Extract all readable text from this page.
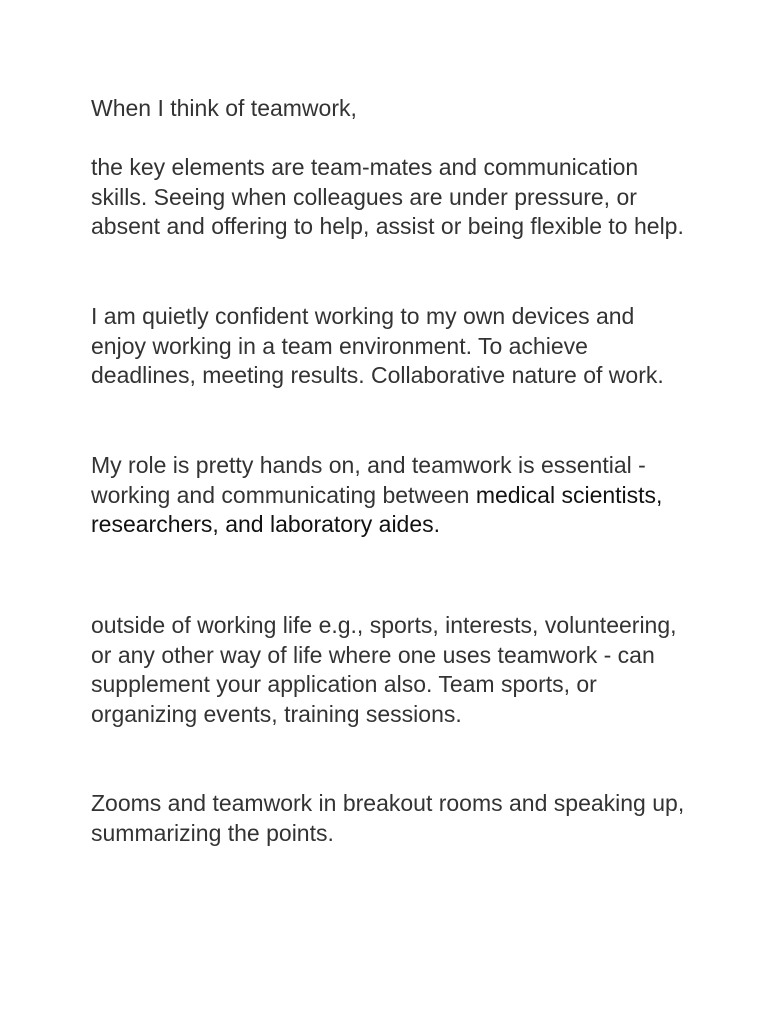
When I think of teamwork,

the key elements are team-mates and communication skills. Seeing when colleagues are under pressure, or absent and offering to help, assist or being flexible to help.

I am quietly confident working to my own devices and enjoy working in a team environment. To achieve deadlines, meeting results. Collaborative nature of work.

My role is pretty hands on, and teamwork is essential - working and communicating between medical scientists, researchers, and laboratory aides.

outside of working life e.g., sports, interests, volunteering, or any other way of life where one uses teamwork - can supplement your application also. Team sports, or organizing events, training sessions.

Zooms and teamwork in breakout rooms and speaking up, summarizing the points.
